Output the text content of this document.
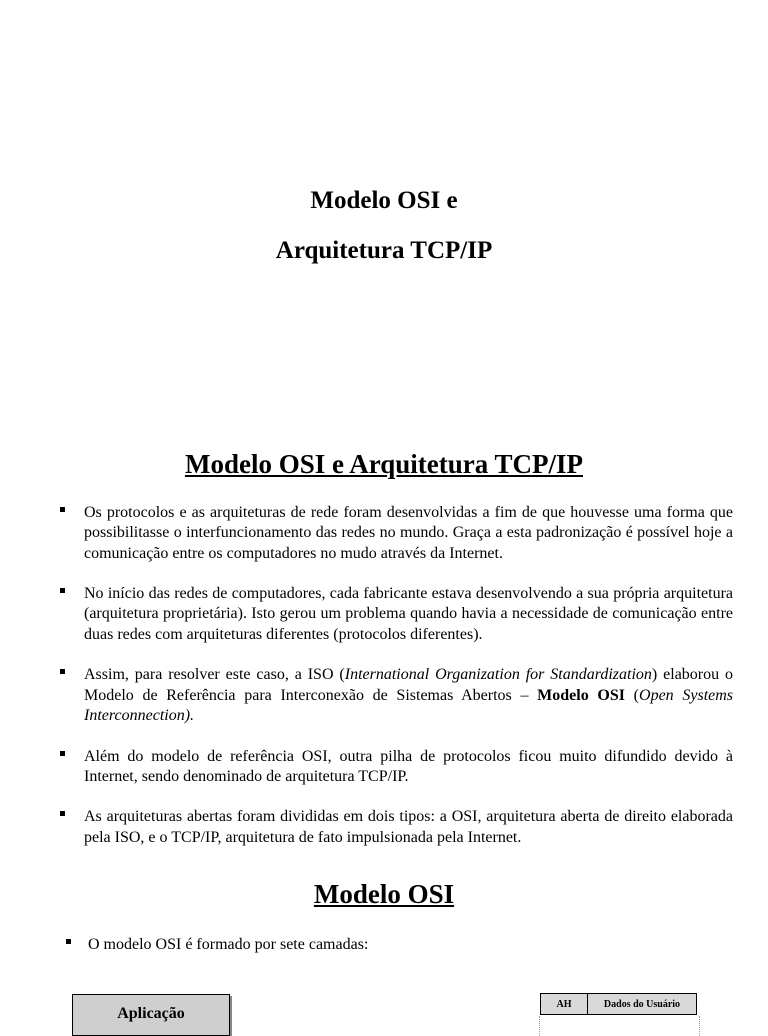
Modelo OSI e
Arquitetura TCP/IP
Modelo OSI e Arquitetura TCP/IP
Os protocolos e as arquiteturas de rede foram desenvolvidas a fim de que houvesse uma forma que possibilitasse o interfuncionamento das redes no mundo. Graça a esta padronização é possível hoje a comunicação entre os computadores no mudo através da Internet.
No início das redes de computadores, cada fabricante estava desenvolvendo a sua própria arquitetura (arquitetura proprietária). Isto gerou um problema quando havia a necessidade de comunicação entre duas redes com arquiteturas diferentes (protocolos diferentes).
Assim, para resolver este caso, a ISO (International Organization for Standardization) elaborou o Modelo de Referência para Interconexão de Sistemas Abertos – Modelo OSI (Open Systems Interconnection).
Além do modelo de referência OSI, outra pilha de protocolos ficou muito difundido devido à Internet, sendo denominado de arquitetura TCP/IP.
As arquiteturas abertas foram divididas em dois tipos: a OSI, arquitetura aberta de direito elaborada pela ISO, e o TCP/IP, arquitetura de fato impulsionada pela Internet.
Modelo OSI
O modelo OSI é formado por sete camadas:
Aplicação
AH	Dados do Usuário
